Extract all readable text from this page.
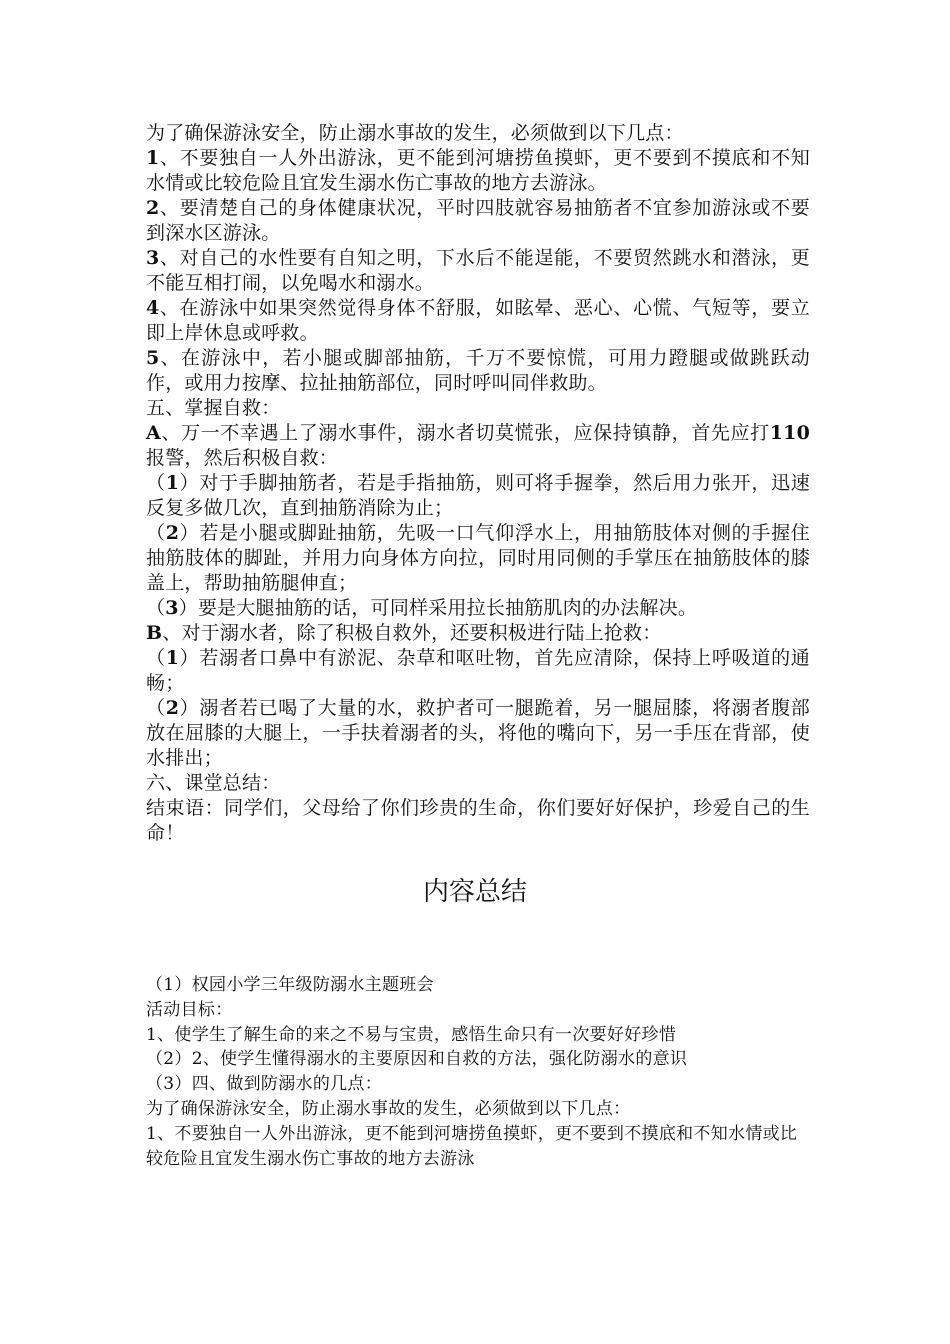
为了确保游泳安全，防止溺水事故的发生，必须做到以下几点：

1、不要独自一人外出游泳，更不能到河塘捞鱼摸虾，更不要到不摸底和不知水情或比较危险且宜发生溺水伤亡事故的地方去游泳。

2、要清楚自己的身体健康状况，平时四肢就容易抽筋者不宜参加游泳或不要到深水区游泳。

3、对自己的水性要有自知之明，下水后不能逞能，不要贸然跳水和潜泳，更不能互相打闹，以免喝水和溺水。

4、在游泳中如果突然觉得身体不舒服，如眩晕、恶心、心慌、气短等，要立即上岸休息或呼救。

5、在游泳中，若小腿或脚部抽筋，千万不要惊慌，可用力蹬腿或做跳跃动作，或用力按摩、拉扯抽筋部位，同时呼叫同伴救助。

五、掌握自救：

A、万一不幸遇上了溺水事件，溺水者切莫慌张，应保持镇静，首先应打110报警，然后积极自救：

（1）对于手脚抽筋者，若是手指抽筋，则可将手握拳，然后用力张开，迅速反复多做几次，直到抽筋消除为止；

（2）若是小腿或脚趾抽筋，先吸一口气仰浮水上，用抽筋肢体对侧的手握住抽筋肢体的脚趾，并用力向身体方向拉，同时用同侧的手掌压在抽筋肢体的膝盖上，帮助抽筋腿伸直；

（3）要是大腿抽筋的话，可同样采用拉长抽筋肌肉的办法解决。

B、对于溺水者，除了积极自救外，还要积极进行陆上抢救：

（1）若溺者口鼻中有淤泥、杂草和呕吐物，首先应清除，保持上呼吸道的通畅；

（2）溺者若已喝了大量的水，救护者可一腿跪着，另一腿屈膝，将溺者腹部放在屈膝的大腿上，一手扶着溺者的头，将他的嘴向下，另一手压在背部，使水排出；

六、课堂总结：

结束语：同学们，父母给了你们珍贵的生命，你们要好好保护，珍爱自己的生命！

内容总结

（1）权园小学三年级防溺水主题班会

活动目标：

1、使学生了解生命的来之不易与宝贵，感悟生命只有一次要好好珍惜

（2）2、使学生懂得溺水的主要原因和自救的方法，强化防溺水的意识

（3）四、做到防溺水的几点：

为了确保游泳安全，防止溺水事故的发生，必须做到以下几点：

1、不要独自一人外出游泳，更不能到河塘捞鱼摸虾，更不要到不摸底和不知水情或比较危险且宜发生溺水伤亡事故的地方去游泳
